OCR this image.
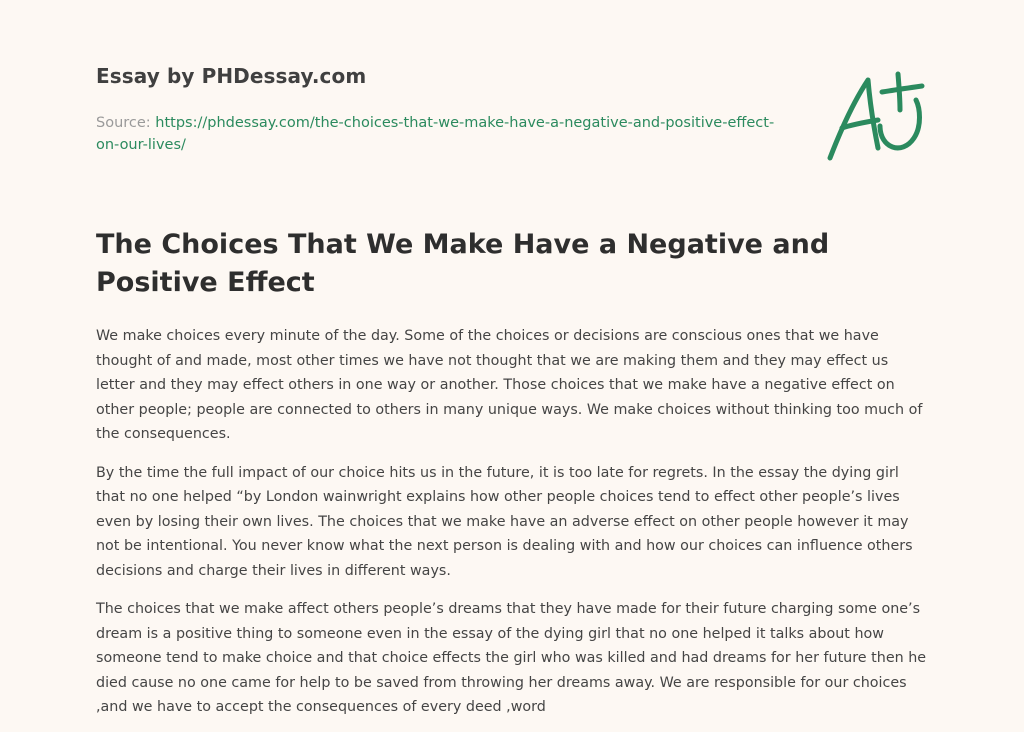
Essay by PHDessay.com
Source: https://phdessay.com/the-choices-that-we-make-have-a-negative-and-positive-effect-on-our-lives/
The Choices That We Make Have a Negative and Positive Effect

We make choices every minute of the day. Some of the choices or decisions are conscious ones that we have thought of and made, most other times we have not thought that we are making them and they may effect us letter and they may effect others in one way or another. Those choices that we make have a negative effect on other people; people are connected to others in many unique ways. We make choices without thinking too much of the consequences.

By the time the full impact of our choice hits us in the future, it is too late for regrets. In the essay the dying girl that no one helped “by London wainwright explains how other people choices tend to effect other people’s lives even by losing their own lives. The choices that we make have an adverse effect on other people however it may not be intentional. You never know what the next person is dealing with and how our choices can influence others decisions and charge their lives in different ways.

The choices that we make affect others people’s dreams that they have made for their future charging some one’s dream is a positive thing to someone even in the essay of the dying girl that no one helped it talks about how someone tend to make choice and that choice effects the girl who was killed and had dreams for her future then he died cause no one came for help to be saved from throwing her dreams away. We are responsible for our choices ,and we have to accept the consequences of every deed ,word
